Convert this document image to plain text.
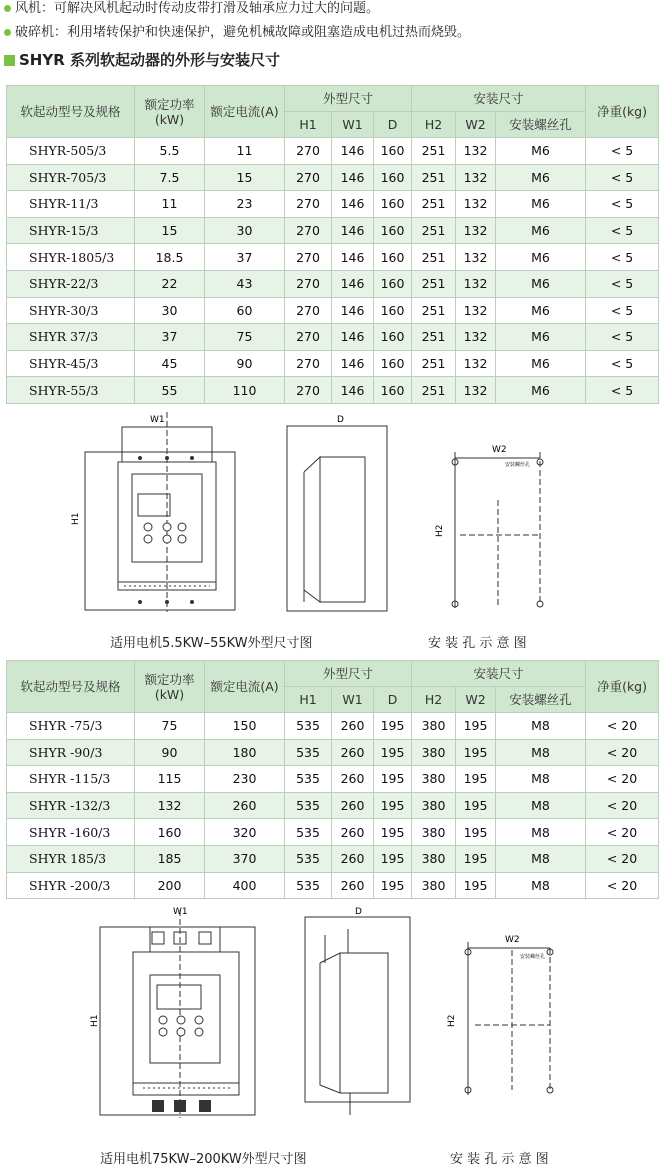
风机：可解决风机起动时传动皮带打滑及轴承应力过大的问题。
破碎机：利用堵转保护和快速保护，避免机械故障或阻塞造成电机过热而烧毁。
SHYR 系列软起动器的外形与安装尺寸
软起动型号及规格	额定功率(kW)	额定电流(A)	外型尺寸			安装尺寸			净重(kg)
			H1	W1	D	H2	W2	安装螺丝孔	
SHYR-505/3	5.5	11	270	146	160	251	132	M6	< 5
SHYR-705/3	7.5	15	270	146	160	251	132	M6	< 5
SHYR-11/3	11	23	270	146	160	251	132	M6	< 5
SHYR-15/3	15	30	270	146	160	251	132	M6	< 5
SHYR-1805/3	18.5	37	270	146	160	251	132	M6	< 5
SHYR-22/3	22	43	270	146	160	251	132	M6	< 5
SHYR-30/3	30	60	270	146	160	251	132	M6	< 5
SHYR 37/3	37	75	270	146	160	251	132	M6	< 5
SHYR-45/3	45	90	270	146	160	251	132	M6	< 5
SHYR-55/3	55	110	270	146	160	251	132	M6	< 5
W1
H1
D
W2
安装螺丝孔
H2
适用电机5.5KW–55KW外型尺寸图	安 装 孔 示 意 图
软起动型号及规格	额定功率(kW)	额定电流(A)	外型尺寸			安装尺寸			净重(kg)
			H1	W1	D	H2	W2	安装螺丝孔	
SHYR -75/3	75	150	535	260	195	380	195	M8	< 20
SHYR -90/3	90	180	535	260	195	380	195	M8	< 20
SHYR -115/3	115	230	535	260	195	380	195	M8	< 20
SHYR -132/3	132	260	535	260	195	380	195	M8	< 20
SHYR -160/3	160	320	535	260	195	380	195	M8	< 20
SHYR 185/3	185	370	535	260	195	380	195	M8	< 20
SHYR -200/3	200	400	535	260	195	380	195	M8	< 20
W1
H1
D
W2
安装螺丝孔
H2
适用电机75KW–200KW外型尺寸图	安 装 孔 示 意 图
